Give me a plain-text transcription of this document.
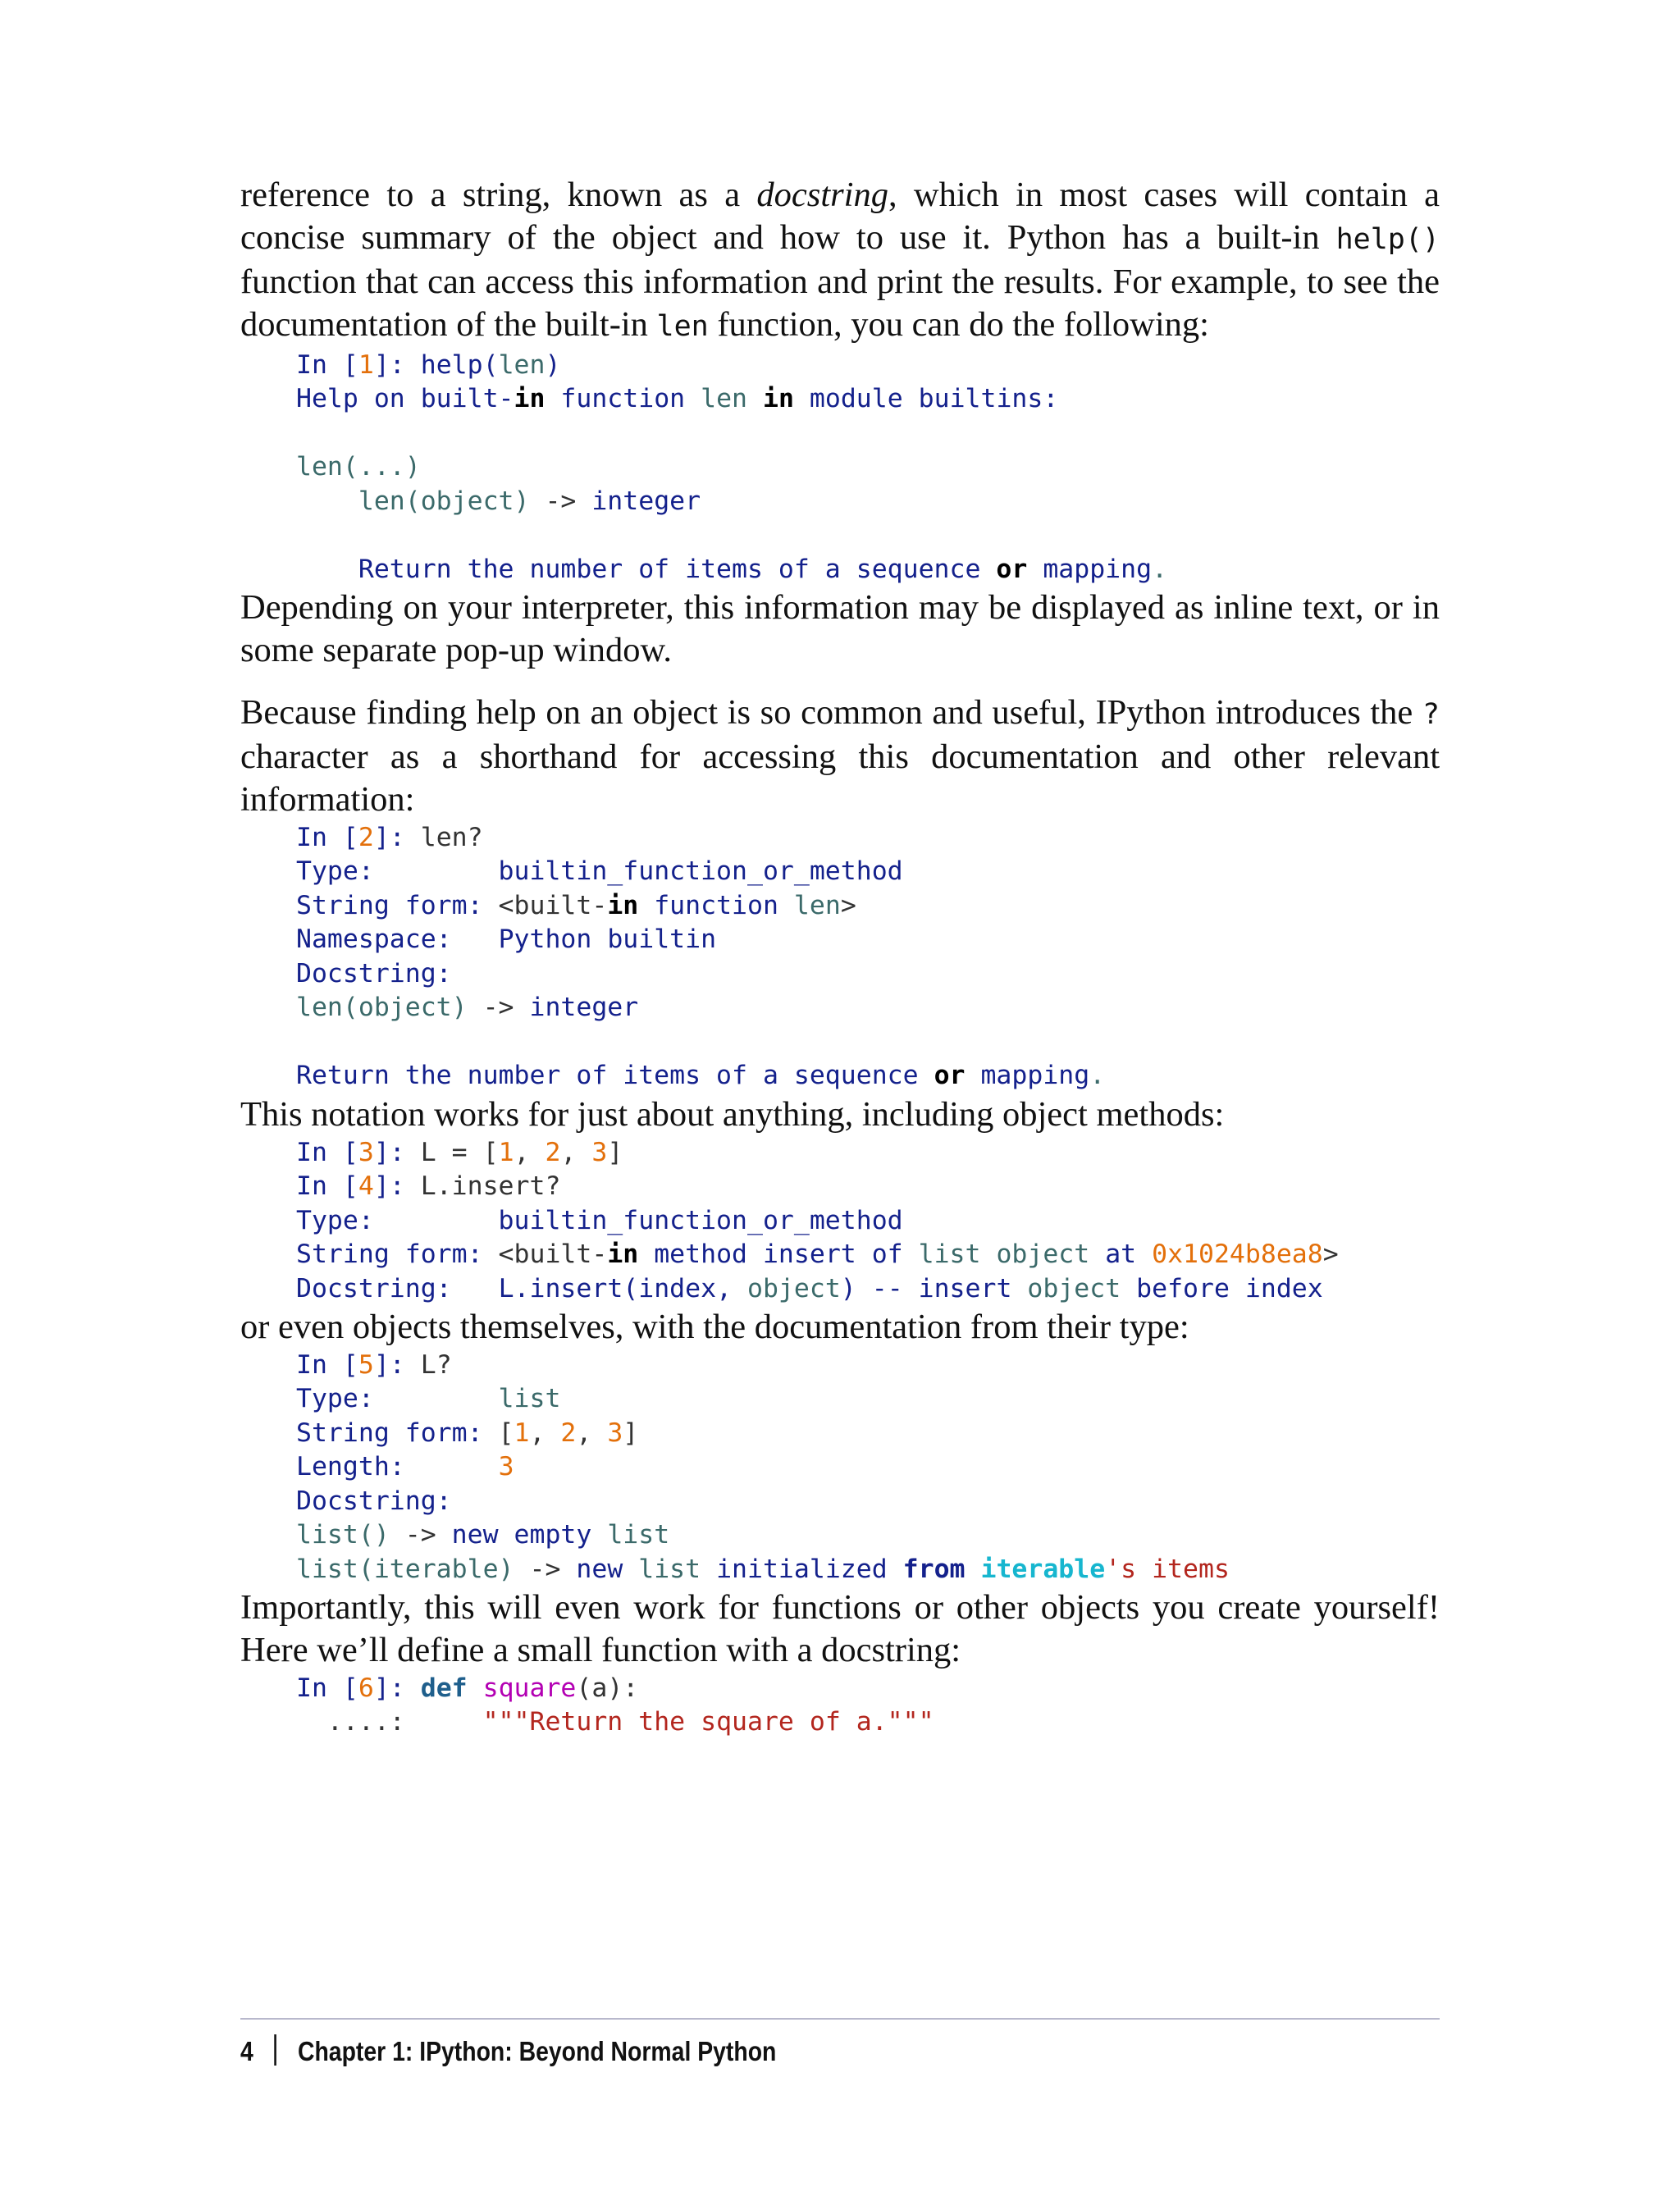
reference to a string, known as a docstring, which in most cases will contain a concise summary of the object and how to use it. Python has a built-in help() function that can access this information and print the results. For example, to see the documentation of the built-in len function, you can do the following:

In [1]: help(len)
Help on built-in function len in module builtins:

len(...)
len(object) -> integer

Return the number of items of a sequence or mapping.

Depending on your interpreter, this information may be displayed as inline text, or in some separate pop-up window.

Because finding help on an object is so common and useful, IPython introduces the ? character as a shorthand for accessing this documentation and other relevant information:

In [2]: len?
Type:	builtin_function_or_method
String form: <built-in function len>
Namespace: Python builtin
Docstring:
len(object) -> integer

Return the number of items of a sequence or mapping.

This notation works for just about anything, including object methods:

In [3]: L = [1, 2, 3]
In [4]: L.insert?
Type:	builtin_function_or_method
String form: <built-in method insert of list object at 0x1024b8ea8>
Docstring: L.insert(index, object) -- insert object before index

or even objects themselves, with the documentation from their type:

In [5]: L?
Type:	list
String form: [1, 2, 3]
Length:	3
Docstring:
list() -> new empty list
list(iterable) -> new list initialized from iterable's items

Importantly, this will even work for functions or other objects you create yourself! Here we’ll define a small function with a docstring:

In [6]: def square(a):
....:	"""Return the square of a."""
4 Chapter 1: IPython: Beyond Normal Python
